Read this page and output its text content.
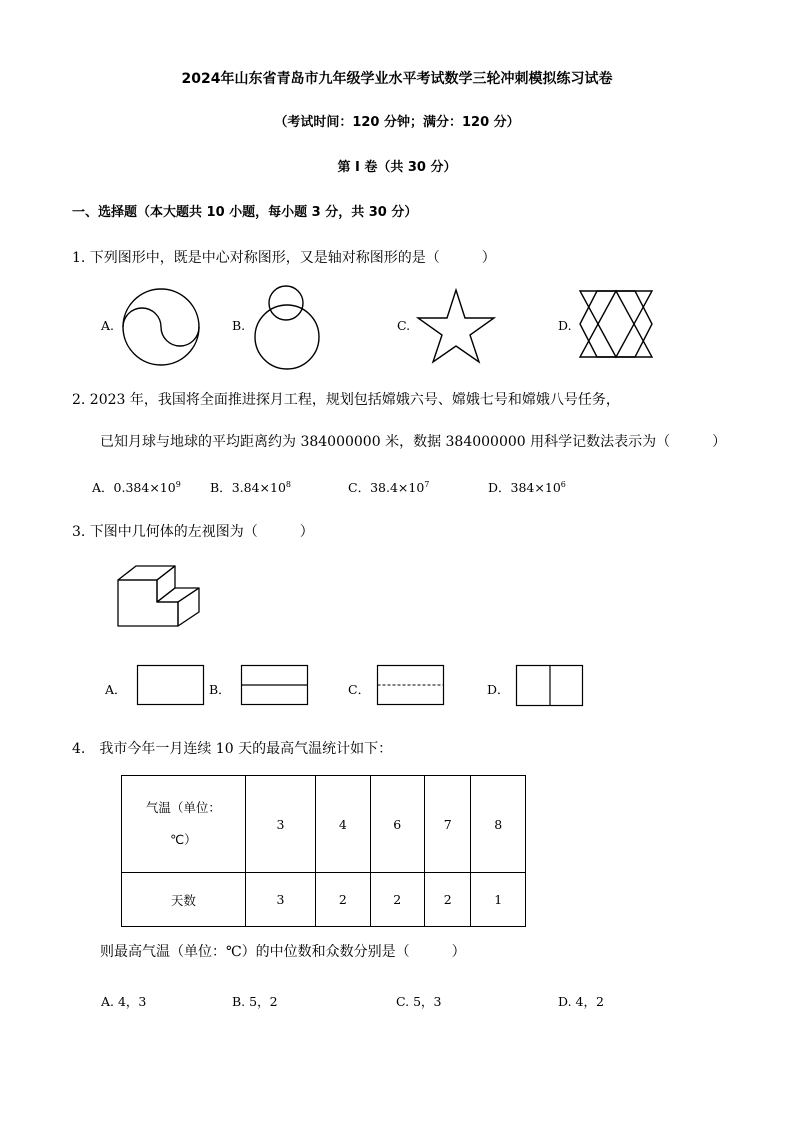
2024年山东省青岛市九年级学业水平考试数学三轮冲刺模拟练习试卷
（考试时间：120 分钟；满分：120 分）
第 I 卷（共 30 分）
一、选择题（本大题共 10 小题，每小题 3 分，共 30 分）
1. 下列图形中，既是中心对称图形，又是轴对称图形的是（　　　）
A.	B.	C.	D.
2. 2023 年，我国将全面推进探月工程，规划包括嫦娥六号、嫦娥七号和嫦娥八号任务，
已知月球与地球的平均距离约为 384000000 米，数据 384000000 用科学记数法表示为（　　　）
A．$0.384\times 10^9$ B．$3.84\times 10^8$	C．$38.4\times 10^7$	D．$384\times 10^6$
3. 下图中几何体的左视图为（　　　）
A．	B．	C．	D．
4.　我市今年一月连续 10 天的最高气温统计如下：
气温（单位：
℃）	3	4	6	7	8
天数	3	2	2	2	1
则最高气温（单位：℃）的中位数和众数分别是（　　　）
A. 4，3	B. 5，2	C. 5，3	D. 4，2
